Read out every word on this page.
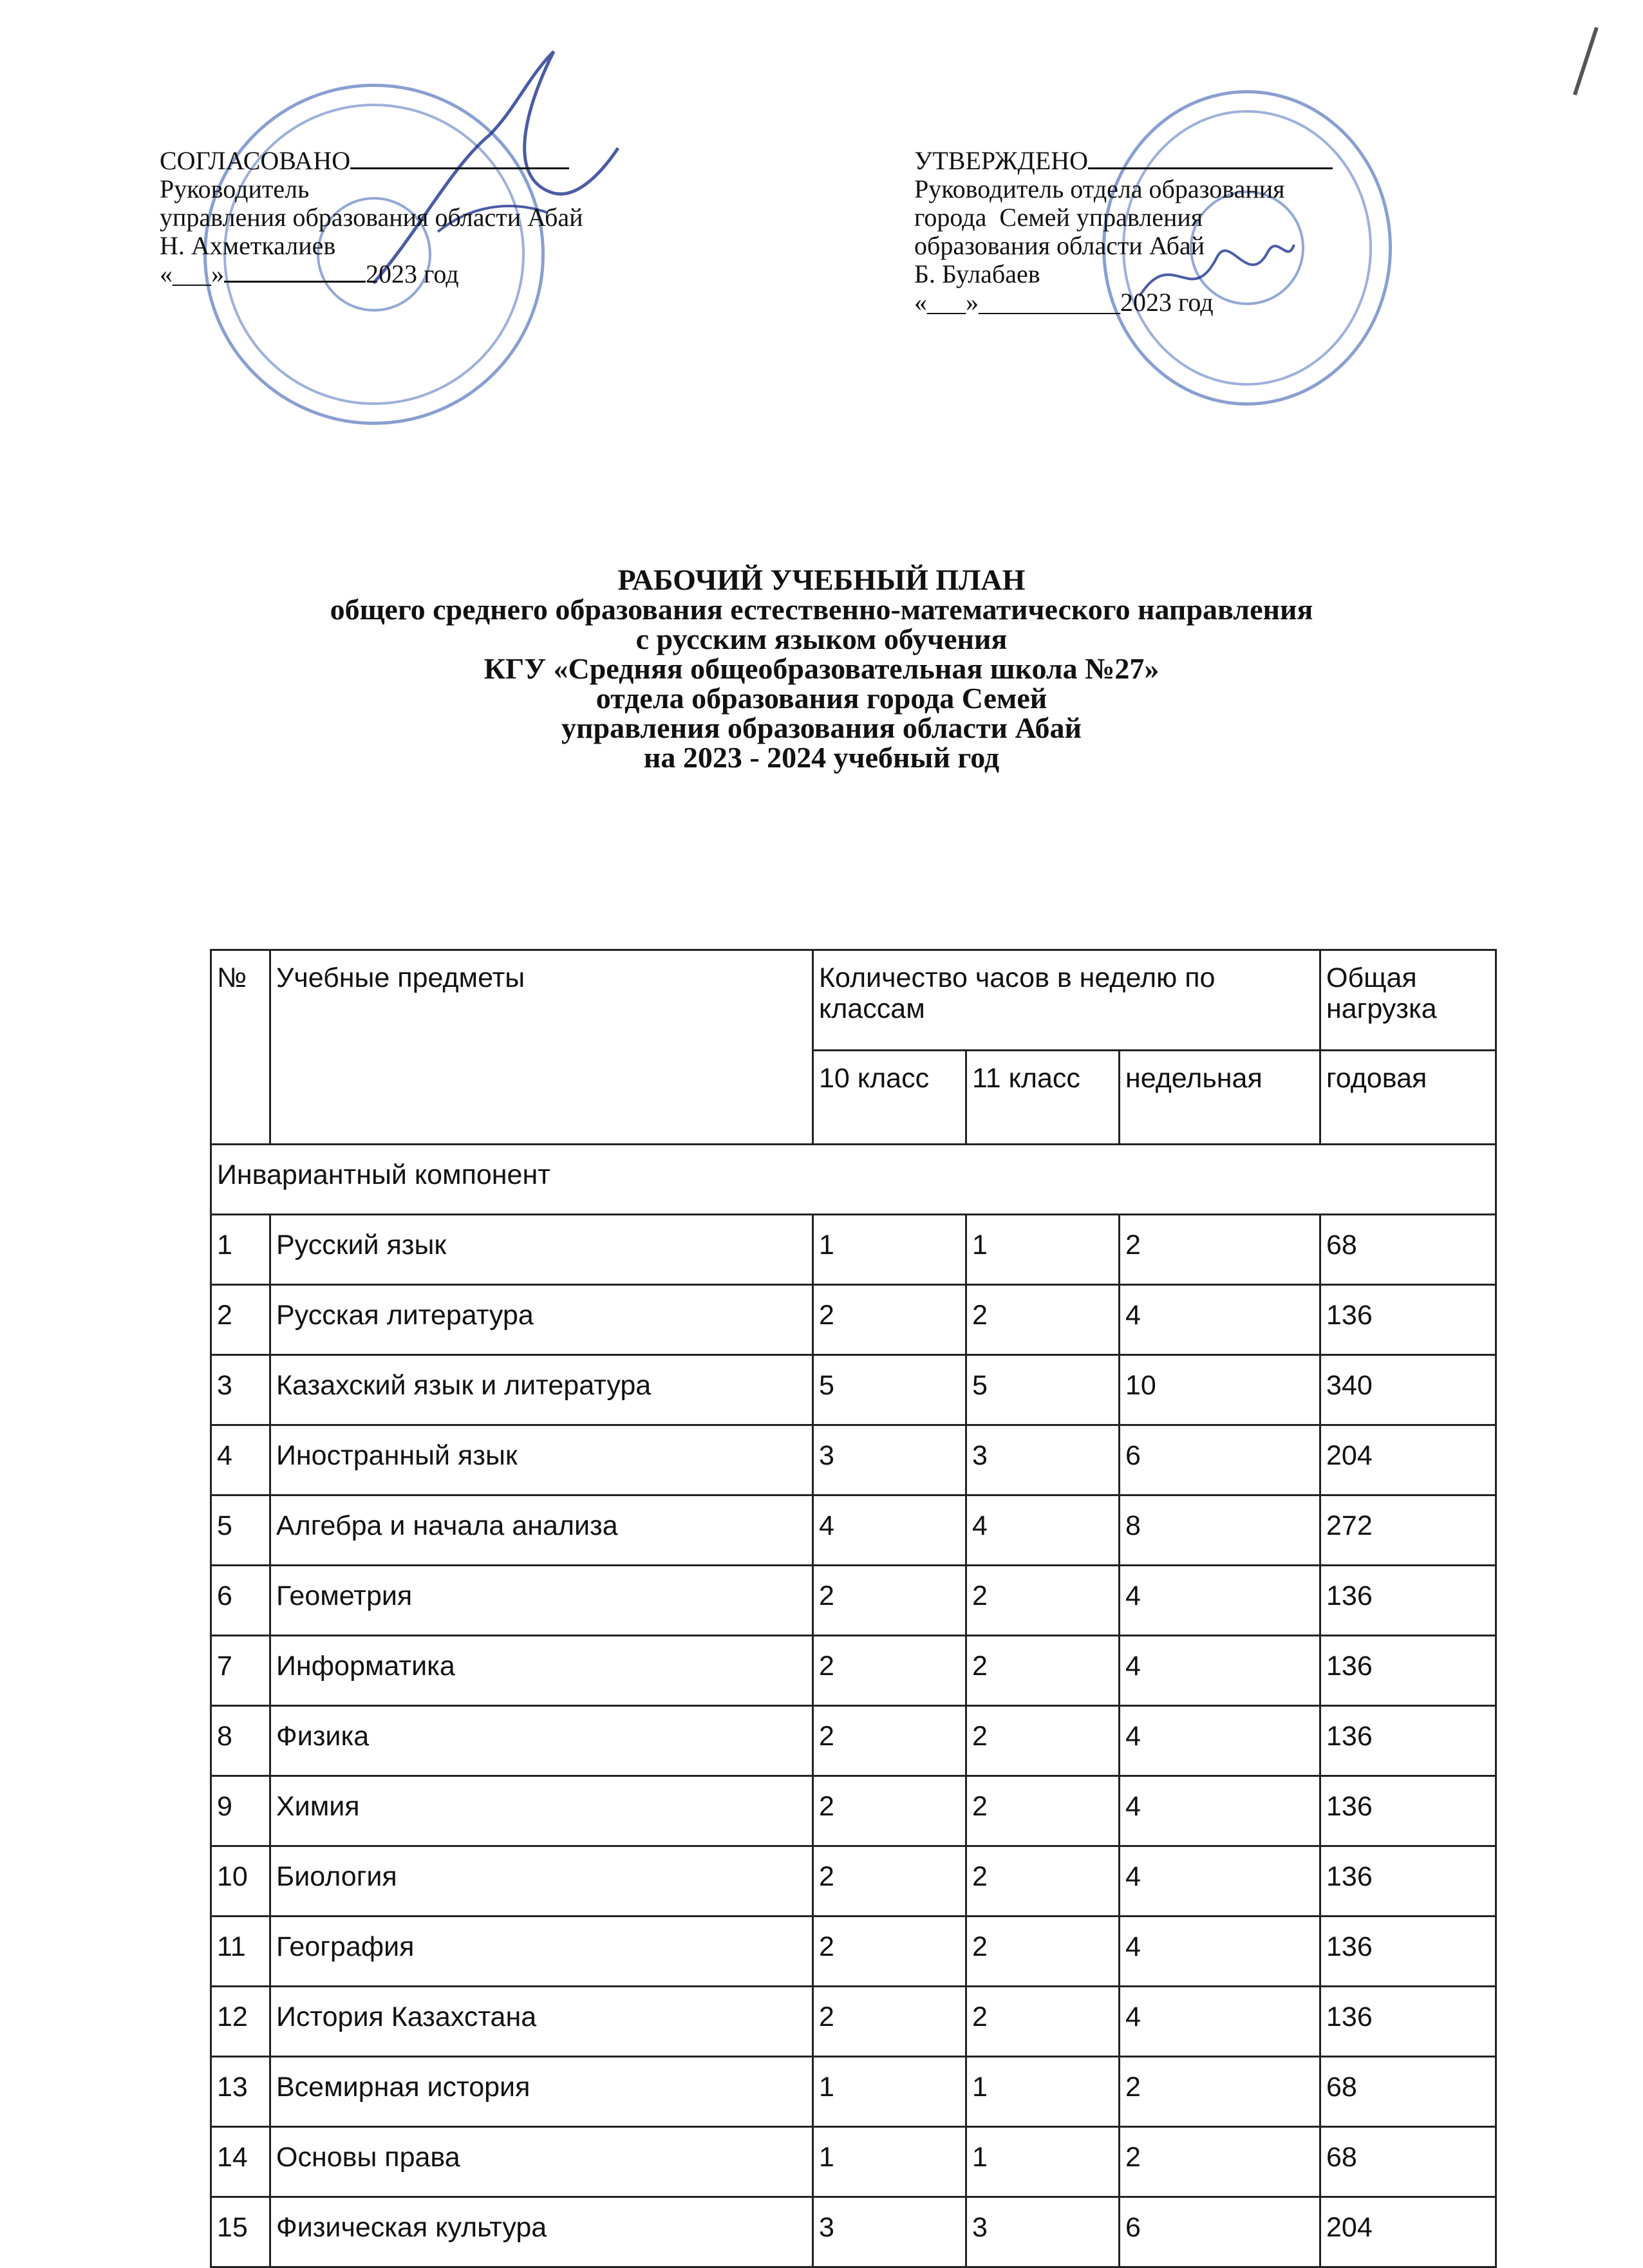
СОГЛАСОВАНО
Руководитель
управления образования области Абай
Н. Ахметкалиев
«___»	2023 год
УТВЕРЖДЕНО
Руководитель отдела образования
города  Семей управления
образования области Абай
Б. Булабаев
«___»___________2023 год
РАБОЧИЙ УЧЕБНЫЙ ПЛАН
общего среднего образования естественно-математического направления
с русским языком обучения
КГУ «Средняя общеобразовательная школа №27»
отдела образования города Семей
управления образования области Абай
на 2023 - 2024 учебный год
№	Учебные предметы	Количество часов в неделю по классам			Общая нагрузка
		10 класс	11 класс	недельная	годовая
Инвариантный компонент					
1	Русский язык	1	1	2	68
2	Русская литература	2	2	4	136
3	Казахский язык и литература	5	5	10	340
4	Иностранный язык	3	3	6	204
5	Алгебра и начала анализа	4	4	8	272
6	Геометрия	2	2	4	136
7	Информатика	2	2	4	136
8	Физика	2	2	4	136
9	Химия	2	2	4	136
10	Биология	2	2	4	136
11	География	2	2	4	136
12	История Казахстана	2	2	4	136
13	Всемирная история	1	1	2	68
14	Основы права	1	1	2	68
15	Физическая культура	3	3	6	204
